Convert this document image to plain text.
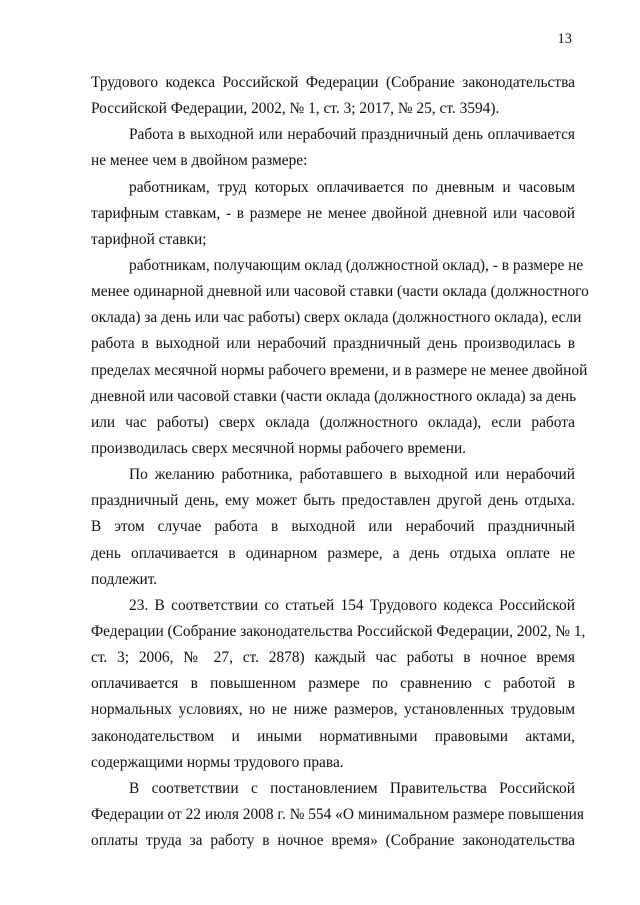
13
Трудового кодекса Российской Федерации (Собрание законодательства
Российской Федерации, 2002, № 1, ст. 3; 2017, № 25, ст. 3594).
Работа в выходной или нерабочий праздничный день оплачивается
не менее чем в двойном размере:
работникам, труд которых оплачивается по дневным и часовым
тарифным ставкам, - в размере не менее двойной дневной или часовой
тарифной ставки;
работникам, получающим оклад (должностной оклад), - в размере не
менее одинарной дневной или часовой ставки (части оклада (должностного
оклада) за день или час работы) сверх оклада (должностного оклада), если
работа в выходной или нерабочий праздничный день производилась в
пределах месячной нормы рабочего времени, и в размере не менее двойной
дневной или часовой ставки (части оклада (должностного оклада) за день
или час работы) сверх оклада (должностного оклада), если работа
производилась сверх месячной нормы рабочего времени.
По желанию работника, работавшего в выходной или нерабочий
праздничный день, ему может быть предоставлен другой день отдыха.
В этом случае работа в выходной или нерабочий праздничный
день оплачивается в одинарном размере, а день отдыха оплате не
подлежит.
23. В соответствии со статьей 154 Трудового кодекса Российской
Федерации (Собрание законодательства Российской Федерации, 2002, № 1,
ст. 3; 2006, № 27, ст. 2878) каждый час работы в ночное время
оплачивается в повышенном размере по сравнению с работой в
нормальных условиях, но не ниже размеров, установленных трудовым
законодательством и иными нормативными правовыми актами,
содержащими нормы трудового права.
В соответствии с постановлением Правительства Российской
Федерации от 22 июля 2008 г. № 554 «О минимальном размере повышения
оплаты труда за работу в ночное время» (Собрание законодательства
